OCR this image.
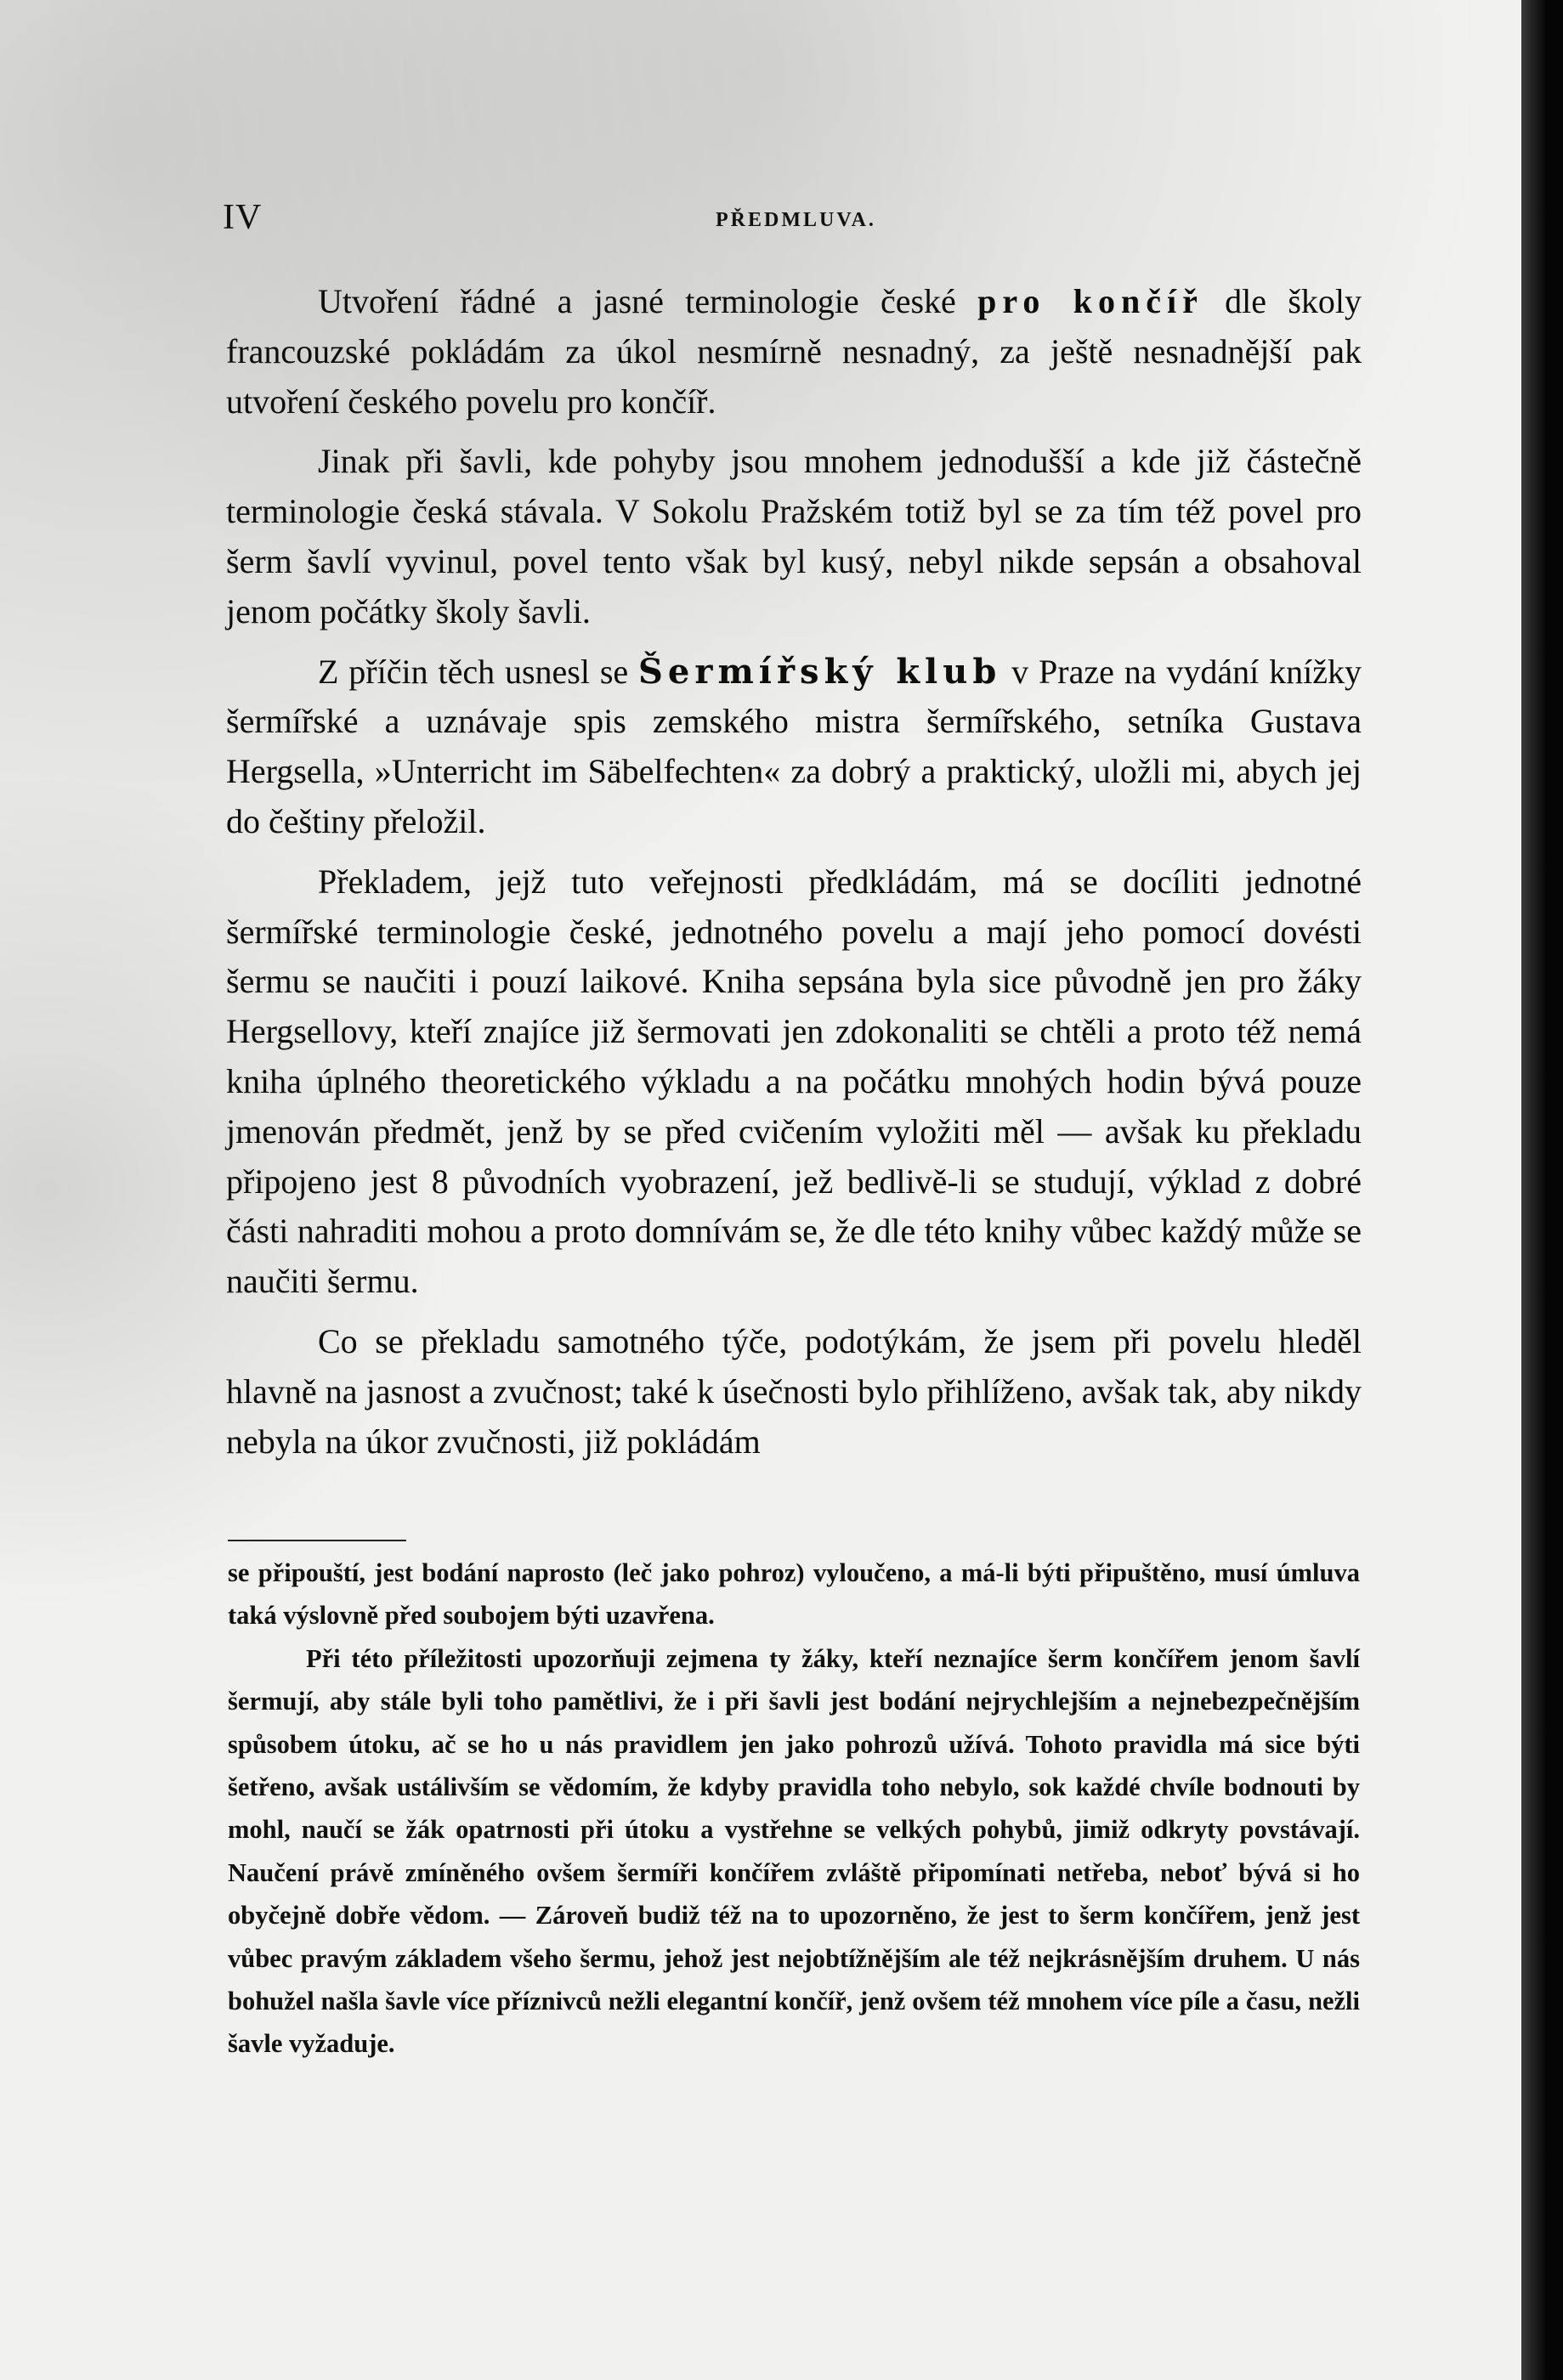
IV	PŘEDMLUVA.

Utvoření řádné a jasné terminologie české pro končíř dle školy francouzské pokládám za úkol nesmírně nesnadný, za ještě nesnadnější pak utvoření českého povelu pro končíř.

Jinak při šavli, kde pohyby jsou mnohem jednodušší a kde již částečně terminologie česká stávala. V Sokolu Pražském totiž byl se za tím též povel pro šerm šavlí vyvinul, povel tento však byl kusý, nebyl nikde sepsán a obsahoval jenom počátky školy šavli.

Z příčin těch usnesl se Šermířský klub v Praze na vydání knížky šermířské a uznávaje spis zemského mistra šermířského, setníka Gustava Hergsella, »Unterricht im Säbelfechten« za dobrý a praktický, uložli mi, abych jej do češtiny přeložil.

Překladem, jejž tuto veřejnosti předkládám, má se docíliti jednotné šermířské terminologie české, jednotného povelu a mají jeho pomocí dovésti šermu se naučiti i pouzí laikové. Kniha sepsána byla sice původně jen pro žáky Hergsellovy, kteří znajíce již šermovati jen zdokonaliti se chtěli a proto též nemá kniha úplného theoretického výkladu a na počátku mnohých hodin bývá pouze jmenován předmět, jenž by se před cvičením vyložiti měl — avšak ku překladu připojeno jest 8 původních vyobrazení, jež bedlivě-li se studují, výklad z dobré části nahraditi mohou a proto domnívám se, že dle této knihy vůbec každý může se naučiti šermu.

Co se překladu samotného týče, podotýkám, že jsem při povelu hleděl hlavně na jasnost a zvučnost; také k úsečnosti bylo přihlíženo, avšak tak, aby nikdy nebyla na úkor zvučnosti, již pokládám

se připouští, jest bodání naprosto (leč jako pohroz) vyloučeno, a má-li býti připuštěno, musí úmluva taká výslovně před soubojem býti uzavřena.

Při této příležitosti upozorňuji zejmena ty žáky, kteří neznajíce šerm končířem jenom šavlí šermují, aby stále byli toho pamětlivi, že i při šavli jest bodání nejrychlejším a nejnebezpečnějším spůsobem útoku, ač se ho u nás pravidlem jen jako pohrozů užívá. Tohoto pravidla má sice býti šetřeno, avšak ustálivším se vědomím, že kdyby pravidla toho nebylo, sok každé chvíle bodnouti by mohl, naučí se žák opatrnosti při útoku a vystřehne se velkých pohybů, jimiž odkryty povstávají. Naučení právě zmíněného ovšem šermíři končířem zvláště připomínati netřeba, neboť bývá si ho obyčejně dobře vědom. — Zároveň budiž též na to upozorněno, že jest to šerm končířem, jenž jest vůbec pravým základem všeho šermu, jehož jest nejobtížnějším ale též nejkrásnějším druhem. U nás bohužel našla šavle více příznivců nežli elegantní končíř, jenž ovšem též mnohem více píle a času, nežli šavle vyžaduje.
